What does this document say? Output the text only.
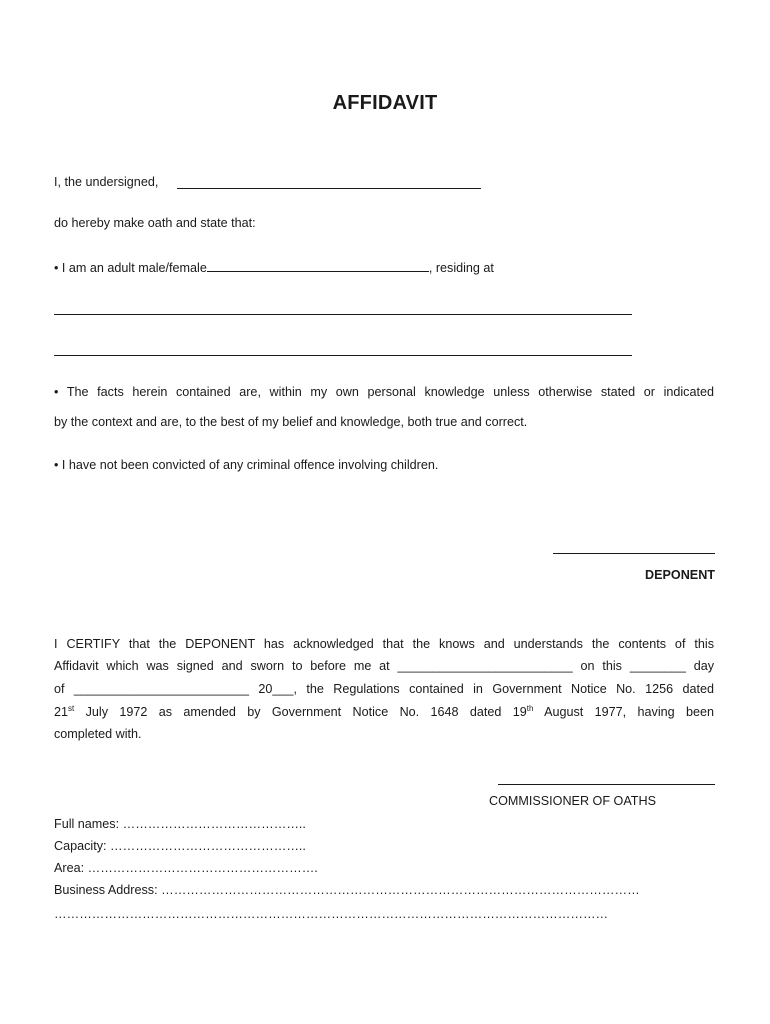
AFFIDAVIT
I, the undersigned,
do hereby make oath and state that:
• I am an adult male/female	, residing at
• The facts herein contained are, within my own personal knowledge unless otherwise stated or indicated
by the context and are, to the best of my belief and knowledge, both true and correct.
• I have not been convicted of any criminal offence involving children.
DEPONENT
I CERTIFY that the DEPONENT has acknowledged that the knows and understands the contents of this
Affidavit which was signed and sworn to before me at _________________________ on this ________ day
of _________________________ 20___, the Regulations contained in Government Notice No. 1256 dated
21st July 1972 as amended by Government Notice No. 1648 dated 19th August 1977, having been
completed with.
COMMISSIONER OF OATHS
Full names: ……………………………………..
Capacity: ………………………………………..
Area: ……………………………………………….
Business Address: ……………………………………………………………………………………………………
……………………………………………………………………………………………………………………
